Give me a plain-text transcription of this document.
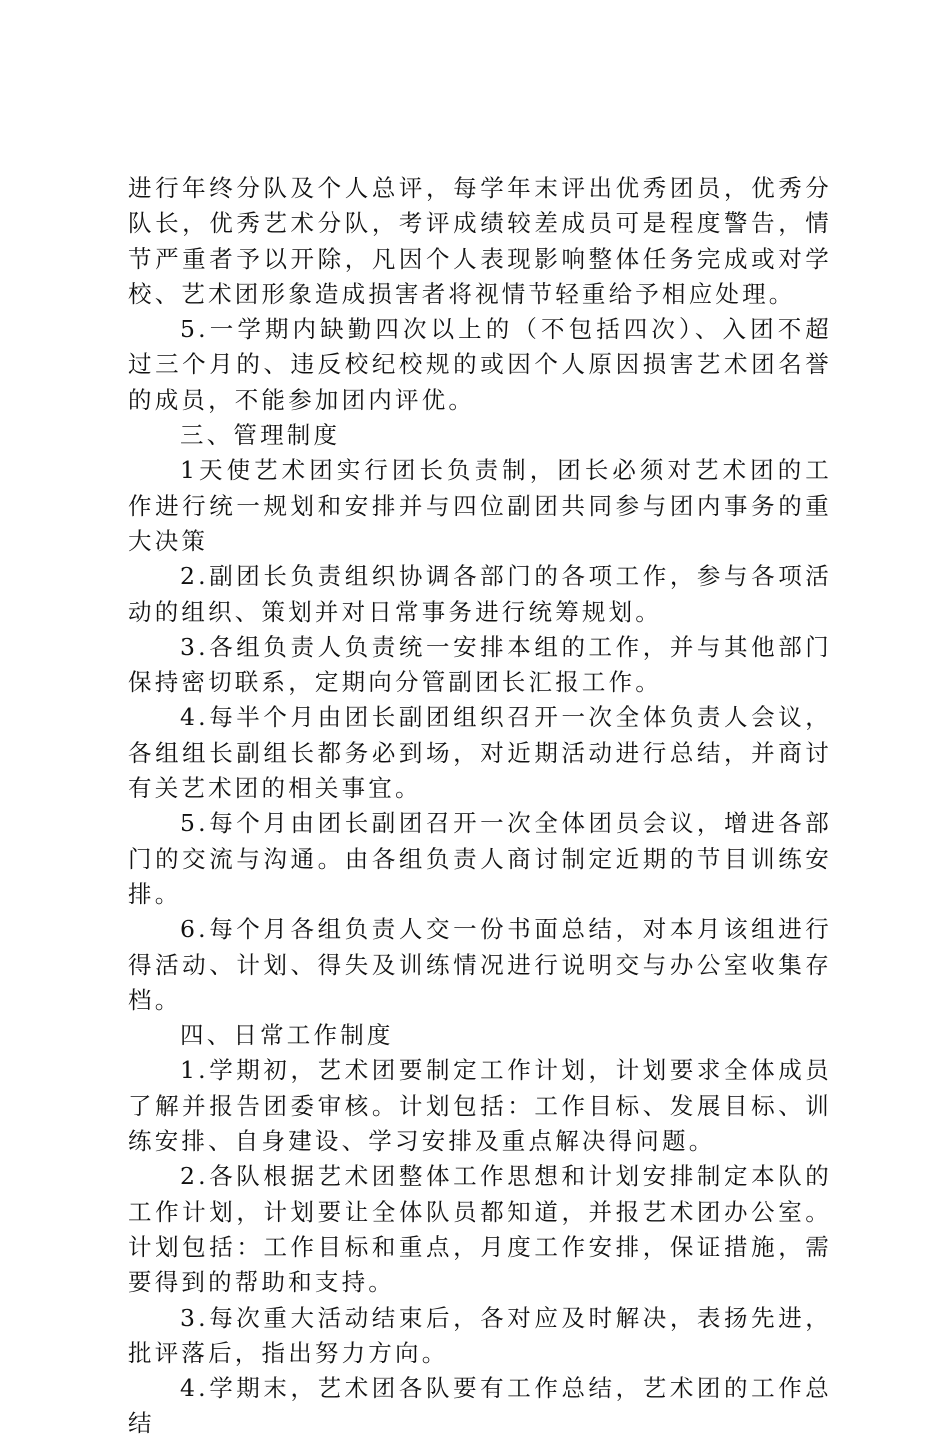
进行年终分队及个人总评，每学年末评出优秀团员，优秀分队长，优秀艺术分队，考评成绩较差成员可是程度警告，情节严重者予以开除，凡因个人表现影响整体任务完成或对学校、艺术团形象造成损害者将视情节轻重给予相应处理。

5.一学期内缺勤四次以上的（不包括四次）、入团不超过三个月的、违反校纪校规的或因个人原因损害艺术团名誉的成员，不能参加团内评优。

三、管理制度

1天使艺术团实行团长负责制，团长必须对艺术团的工作进行统一规划和安排并与四位副团共同参与团内事务的重大决策

2.副团长负责组织协调各部门的各项工作，参与各项活动的组织、策划并对日常事务进行统筹规划。

3.各组负责人负责统一安排本组的工作，并与其他部门保持密切联系，定期向分管副团长汇报工作。

4.每半个月由团长副团组织召开一次全体负责人会议，各组组长副组长都务必到场，对近期活动进行总结，并商讨有关艺术团的相关事宜。

5.每个月由团长副团召开一次全体团员会议，增进各部门的交流与沟通。由各组负责人商讨制定近期的节目训练安排。

6.每个月各组负责人交一份书面总结，对本月该组进行得活动、计划、得失及训练情况进行说明交与办公室收集存档。

四、日常工作制度

1.学期初，艺术团要制定工作计划，计划要求全体成员了解并报告团委审核。计划包括：工作目标、发展目标、训练安排、自身建设、学习安排及重点解决得问题。

2.各队根据艺术团整体工作思想和计划安排制定本队的工作计划，计划要让全体队员都知道，并报艺术团办公室。计划包括：工作目标和重点，月度工作安排，保证措施，需要得到的帮助和支持。

3.每次重大活动结束后，各对应及时解决，表扬先进，批评落后，指出努力方向。

4.学期末，艺术团各队要有工作总结，艺术团的工作总结
